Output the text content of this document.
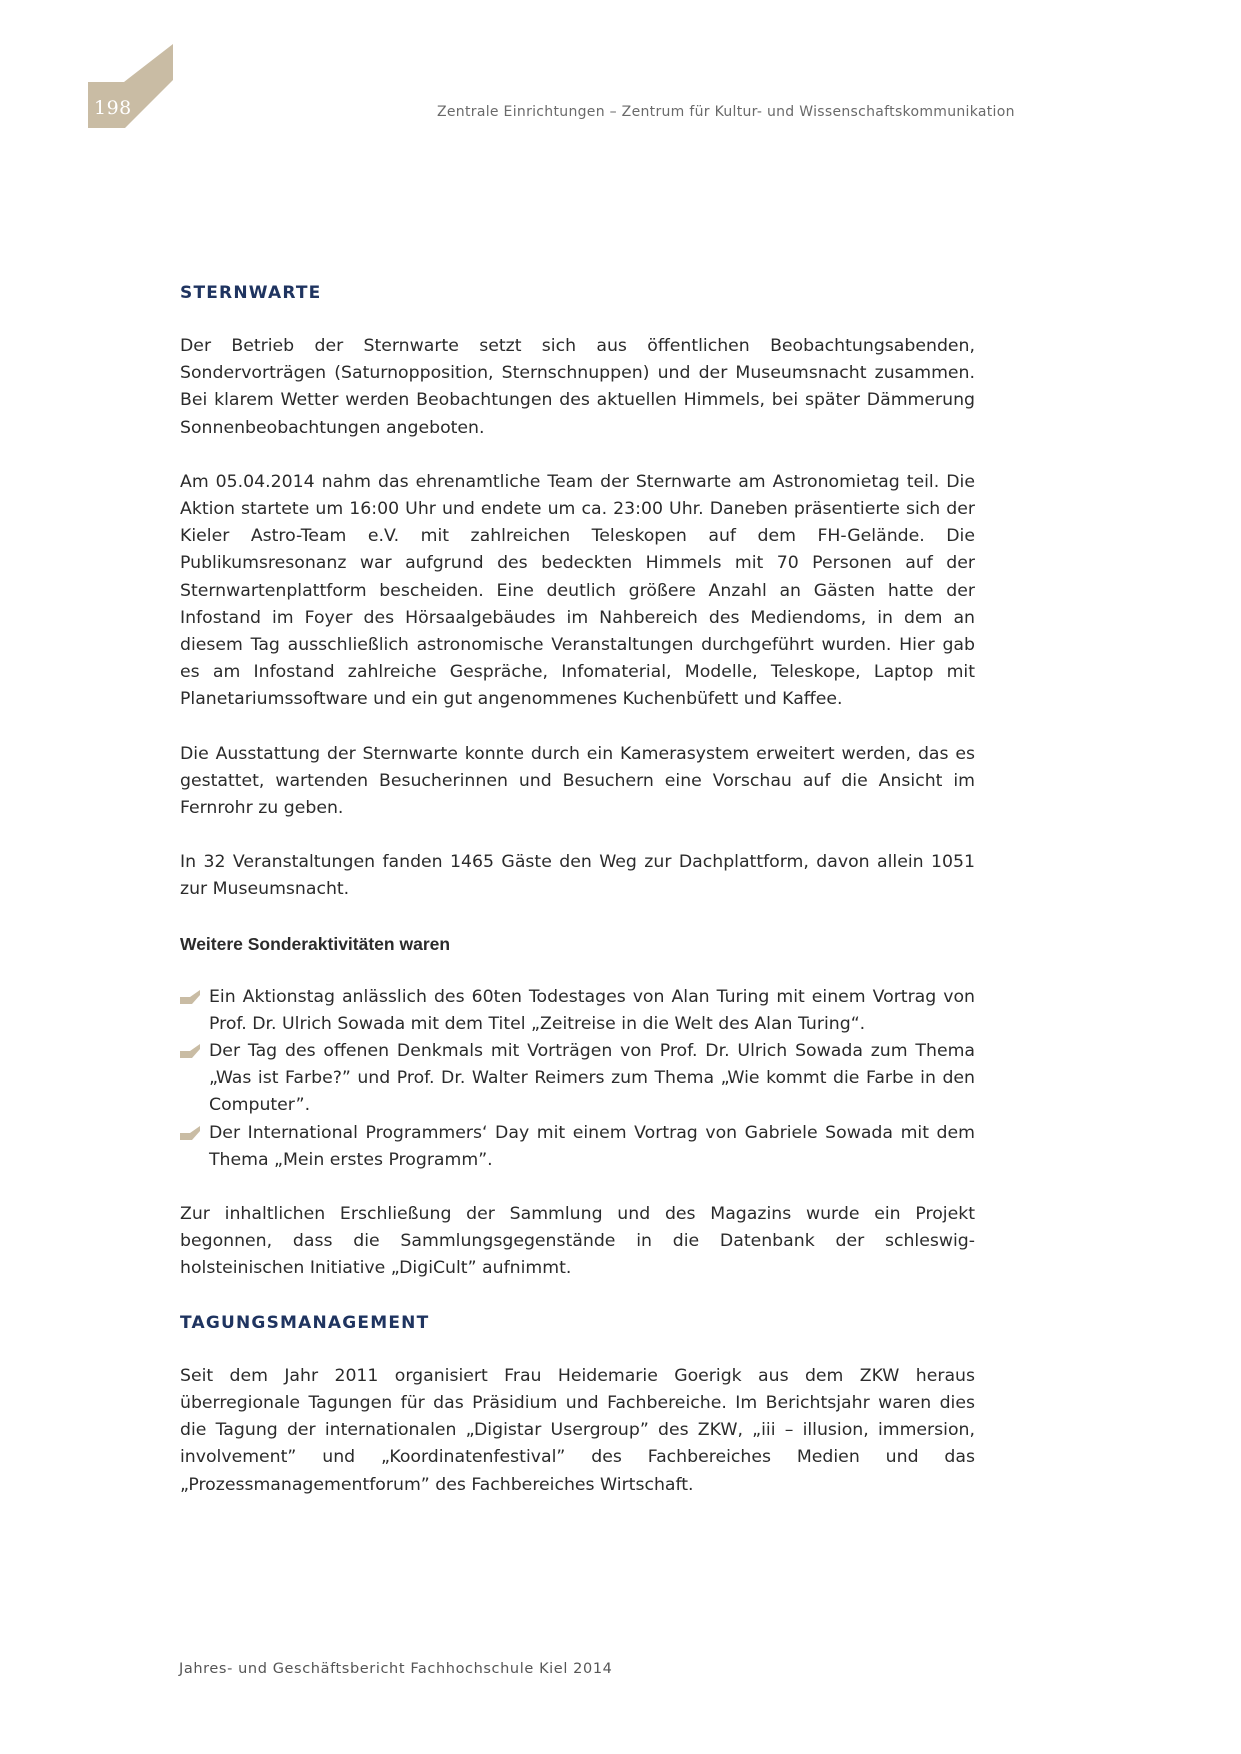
198	Zentrale Einrichtungen – Zentrum für Kultur- und Wissenschaftskommunikation
STERNWARTE

Der Betrieb der Sternwarte setzt sich aus öffentlichen Beobachtungsabenden, Sondervorträgen (Saturnopposition, Sternschnuppen) und der Museumsnacht zusammen. Bei klarem Wetter werden Beobachtungen des aktuellen Himmels, bei später Dämmerung Sonnenbeobachtungen angeboten.

Am 05.04.2014 nahm das ehrenamtliche Team der Sternwarte am Astronomietag teil. Die Aktion startete um 16:00 Uhr und endete um ca. 23:00 Uhr. Daneben präsentierte sich der Kieler Astro-Team e.V. mit zahlreichen Teleskopen auf dem FH-Gelände. Die Publikumsresonanz war aufgrund des bedeckten Himmels mit 70 Personen auf der Sternwartenplattform bescheiden. Eine deutlich größere Anzahl an Gästen hatte der Infostand im Foyer des Hörsaalgebäudes im Nahbereich des Mediendoms, in dem an diesem Tag ausschließlich astronomische Veranstaltungen durchgeführt wurden. Hier gab es am Infostand zahlreiche Gespräche, Infomaterial, Modelle, Teleskope, Laptop mit Planetariumssoftware und ein gut angenommenes Kuchenbüfett und Kaffee.

Die Ausstattung der Sternwarte konnte durch ein Kamerasystem erweitert werden, das es gestattet, wartenden Besucherinnen und Besuchern eine Vorschau auf die Ansicht im Fernrohr zu geben.

In 32 Veranstaltungen fanden 1465 Gäste den Weg zur Dachplattform, davon allein 1051 zur Museumsnacht.

Weitere Sonderaktivitäten waren
Ein Aktionstag anlässlich des 60ten Todestages von Alan Turing mit einem Vortrag von Prof. Dr. Ulrich Sowada mit dem Titel „Zeitreise in die Welt des Alan Turing“.
Der Tag des offenen Denkmals mit Vorträgen von Prof. Dr. Ulrich Sowada zum Thema „Was ist Farbe?” und Prof. Dr. Walter Reimers zum Thema „Wie kommt die Farbe in den Computer”.
Der International Programmers‘ Day mit einem Vortrag von Gabriele Sowada mit dem Thema „Mein erstes Programm”.

Zur inhaltlichen Erschließung der Sammlung und des Magazins wurde ein Projekt begonnen, dass die Sammlungsgegenstände in die Datenbank der schleswig-holsteinischen Initiative „DigiCult” aufnimmt.

TAGUNGSMANAGEMENT

Seit dem Jahr 2011 organisiert Frau Heidemarie Goerigk aus dem ZKW heraus überregionale Tagungen für das Präsidium und Fachbereiche. Im Berichtsjahr waren dies die Tagung der internationalen „Digistar Usergroup” des ZKW, „iii – illusion, immersion, involvement” und „Koordinatenfestival” des Fachbereiches Medien und das „Prozessmanagementforum” des Fachbereiches Wirtschaft.

Jahres- und Geschäftsbericht Fachhochschule Kiel 2014
